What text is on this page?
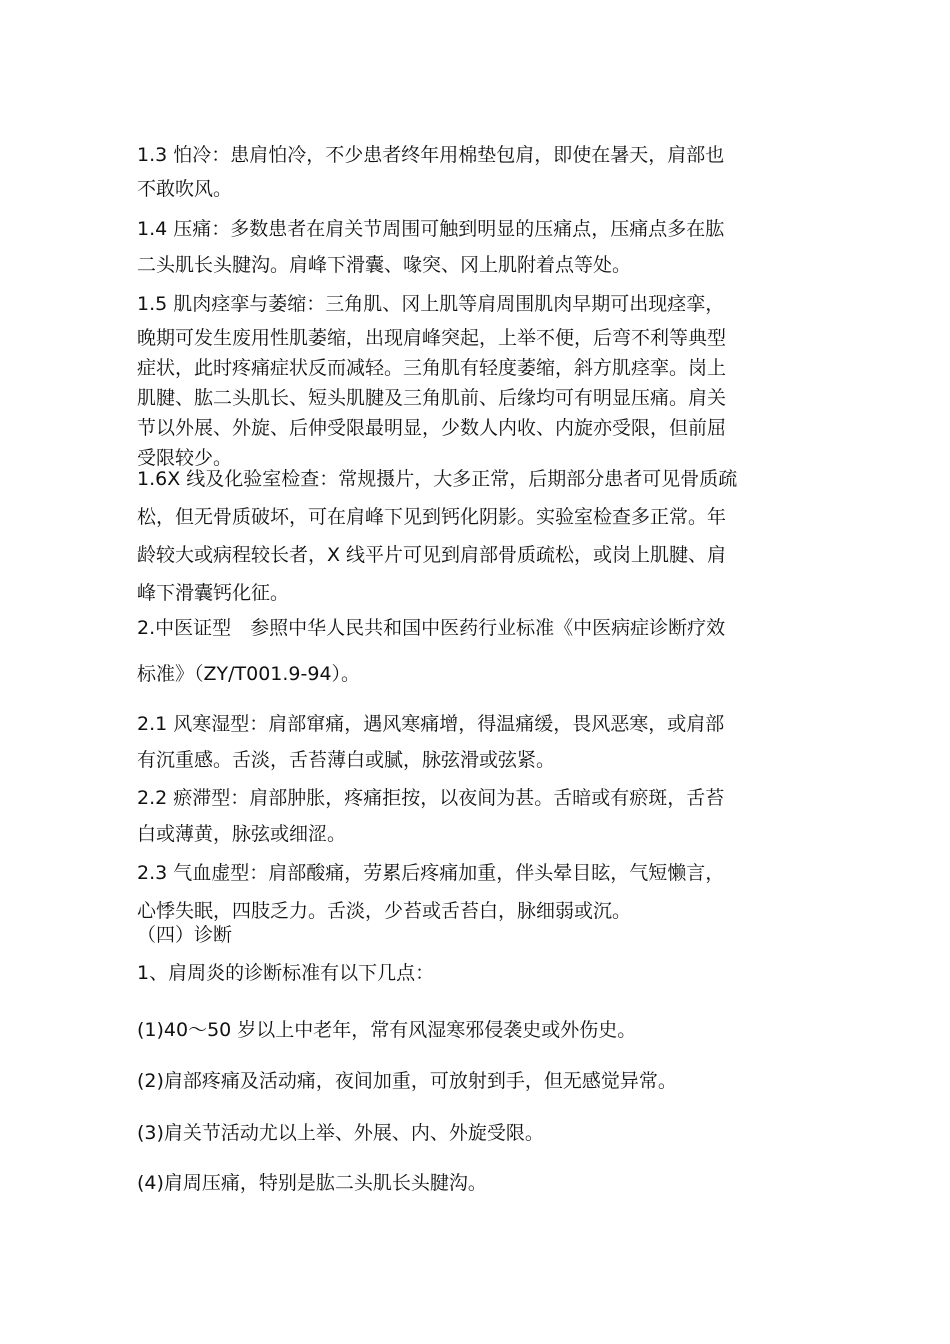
1.3 怕冷：患肩怕冷，不少患者终年用棉垫包肩，即使在暑天，肩部也
不敢吹风。
1.4 压痛：多数患者在肩关节周围可触到明显的压痛点，压痛点多在肱
二头肌长头腱沟。肩峰下滑囊、喙突、冈上肌附着点等处。
1.5 肌肉痉挛与萎缩：三角肌、冈上肌等肩周围肌肉早期可出现痉挛，
晚期可发生废用性肌萎缩，出现肩峰突起，上举不便，后弯不利等典型
症状，此时疼痛症状反而减轻。三角肌有轻度萎缩，斜方肌痉挛。岗上
肌腱、肱二头肌长、短头肌腱及三角肌前、后缘均可有明显压痛。肩关
节以外展、外旋、后伸受限最明显，少数人内收、内旋亦受限，但前屈
受限较少。
1.6X 线及化验室检查：常规摄片，大多正常，后期部分患者可见骨质疏
松，但无骨质破坏，可在肩峰下见到钙化阴影。实验室检查多正常。年
龄较大或病程较长者，X 线平片可见到肩部骨质疏松，或岗上肌腱、肩
峰下滑囊钙化征。
2.中医证型　参照中华人民共和国中医药行业标准《中医病症诊断疗效
标准》（ZY/T001.9-94）。
2.1 风寒湿型：肩部窜痛，遇风寒痛增，得温痛缓，畏风恶寒，或肩部
有沉重感。舌淡，舌苔薄白或腻，脉弦滑或弦紧。
2.2 瘀滞型：肩部肿胀，疼痛拒按，以夜间为甚。舌暗或有瘀斑，舌苔
白或薄黄，脉弦或细涩。
2.3 气血虚型：肩部酸痛，劳累后疼痛加重，伴头晕目眩，气短懒言，
心悸失眠，四肢乏力。舌淡，少苔或舌苔白，脉细弱或沉。
（四）诊断
1、肩周炎的诊断标准有以下几点：
(1)40～50 岁以上中老年，常有风湿寒邪侵袭史或外伤史。
(2)肩部疼痛及活动痛，夜间加重，可放射到手，但无感觉异常。
(3)肩关节活动尤以上举、外展、内、外旋受限。
(4)肩周压痛，特别是肱二头肌长头腱沟。
